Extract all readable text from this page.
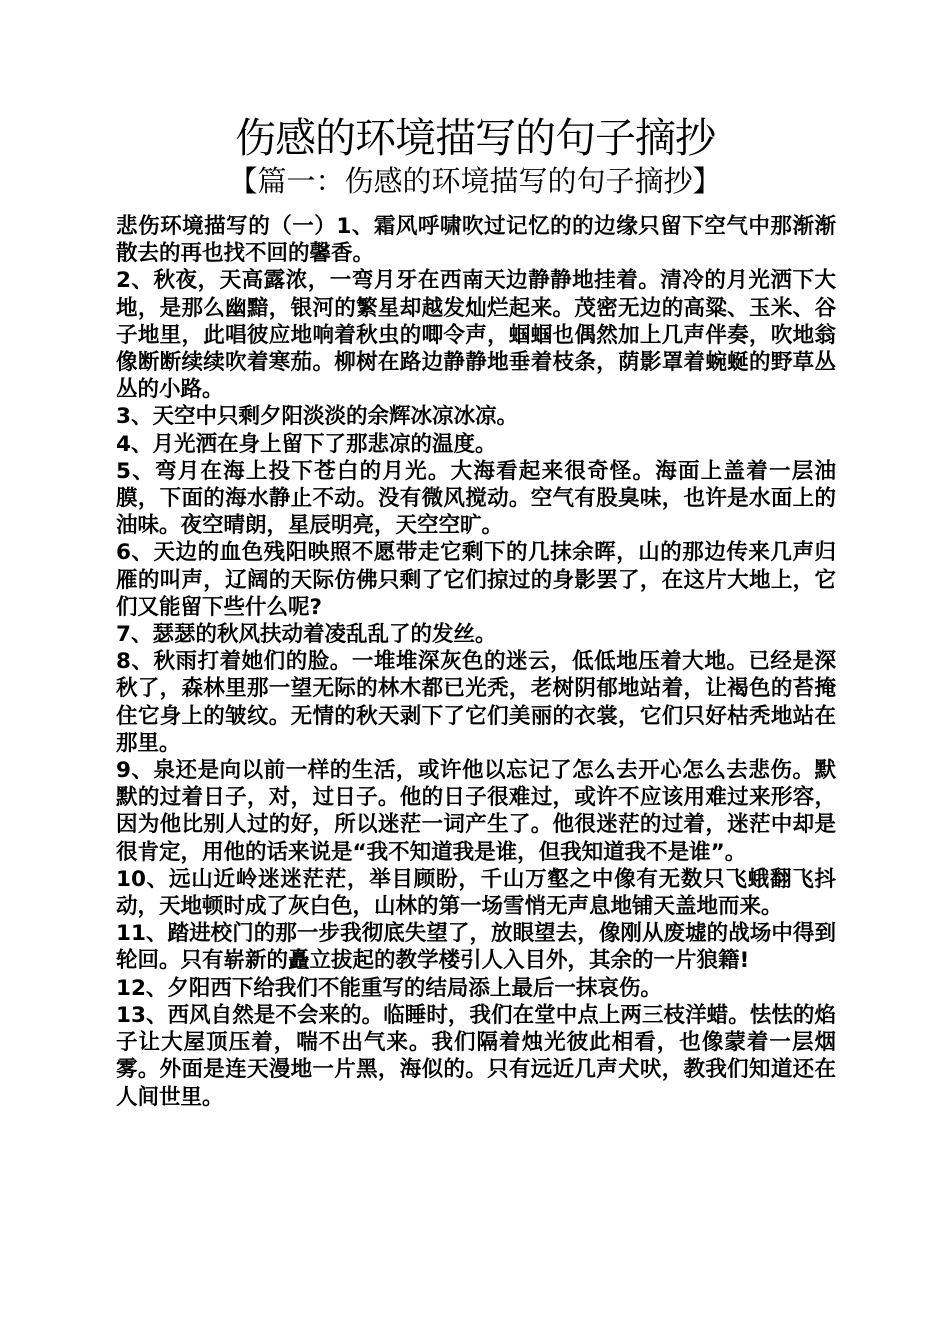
伤感的环境描写的句子摘抄
【篇一：伤感的环境描写的句子摘抄】

悲伤环境描写的（一）1、霜风呼啸吹过记忆的的边缘只留下空气中那渐渐散去的再也找不回的馨香。

2、秋夜，天高露浓，一弯月牙在西南天边静静地挂着。清冷的月光洒下大地，是那么幽黯，银河的繁星却越发灿烂起来。茂密无边的高粱、玉米、谷子地里，此唱彼应地响着秋虫的唧令声，蝈蝈也偶然加上几声伴奏，吹地翁像断断续续吹着寒茄。柳树在路边静静地垂着枝条，荫影罩着蜿蜒的野草丛丛的小路。

3、天空中只剩夕阳淡淡的余辉冰凉冰凉。

4、月光洒在身上留下了那悲凉的温度。

5、弯月在海上投下苍白的月光。大海看起来很奇怪。海面上盖着一层油膜，下面的海水静止不动。没有微风搅动。空气有股臭味，也许是水面上的油味。夜空晴朗，星辰明亮，天空空旷。

6、天边的血色残阳映照不愿带走它剩下的几抹余晖，山的那边传来几声归雁的叫声，辽阔的天际仿佛只剩了它们掠过的身影罢了，在这片大地上，它们又能留下些什么呢?

7、瑟瑟的秋风扶动着凌乱乱了的发丝。

8、秋雨打着她们的脸。一堆堆深灰色的迷云，低低地压着大地。已经是深秋了，森林里那一望无际的林木都已光秃，老树阴郁地站着，让褐色的苔掩住它身上的皱纹。无情的秋天剥下了它们美丽的衣裳，它们只好枯秃地站在那里。

9、泉还是向以前一样的生活，或许他以忘记了怎么去开心怎么去悲伤。默默的过着日子，对，过日子。他的日子很难过，或许不应该用难过来形容，因为他比别人过的好，所以迷茫一词产生了。他很迷茫的过着，迷茫中却是很肯定，用他的话来说是“我不知道我是谁，但我知道我不是谁”。

10、远山近岭迷迷茫茫，举目顾盼，千山万壑之中像有无数只飞蛾翻飞抖动，天地顿时成了灰白色，山林的第一场雪悄无声息地铺天盖地而来。

11、踏进校门的那一步我彻底失望了，放眼望去，像刚从废墟的战场中得到轮回。只有崭新的矗立拔起的教学楼引人入目外，其余的一片狼籍!

12、夕阳西下给我们不能重写的结局添上最后一抹哀伤。

13、西风自然是不会来的。临睡时，我们在堂中点上两三枝洋蜡。怯怯的焰子让大屋顶压着，喘不出气来。我们隔着烛光彼此相看，也像蒙着一层烟雾。外面是连天漫地一片黑，海似的。只有远近几声犬吠，教我们知道还在人间世里。
